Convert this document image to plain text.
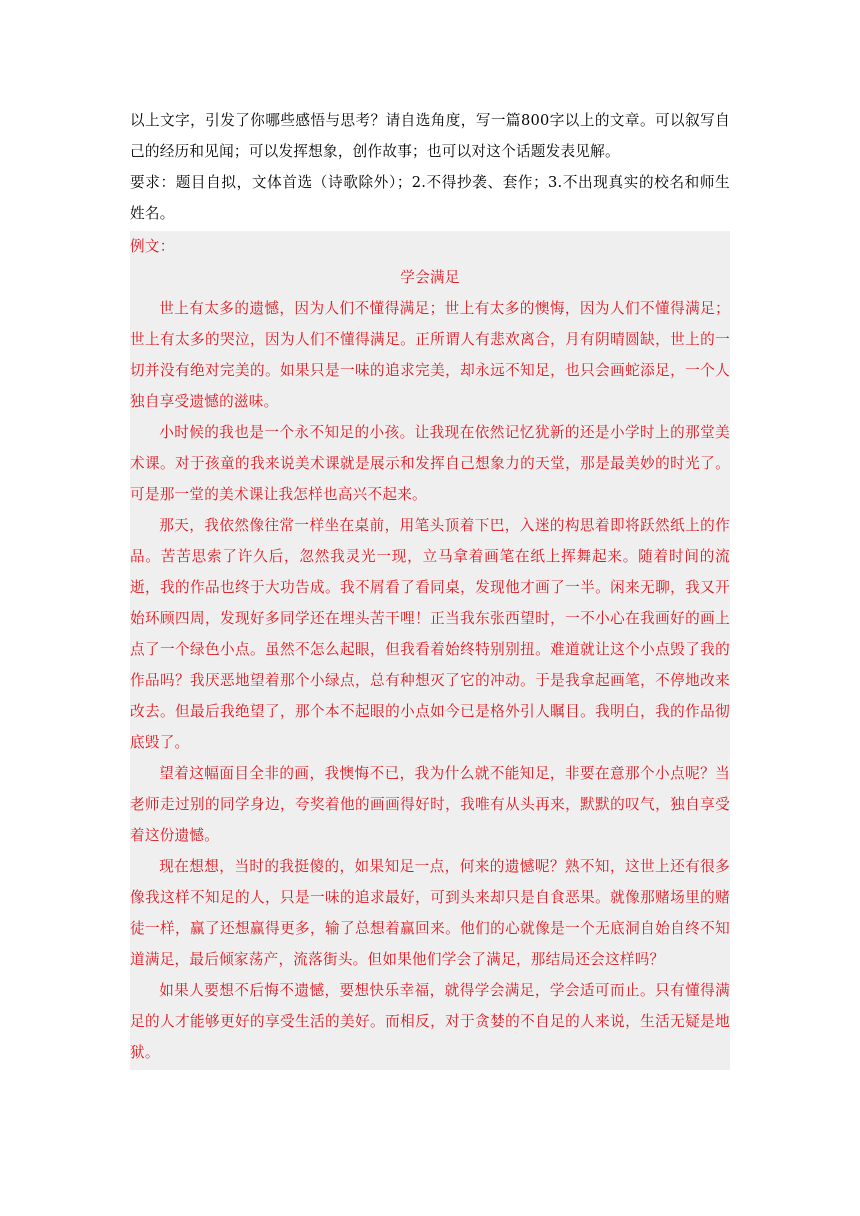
以上文字，引发了你哪些感悟与思考？请自选角度，写一篇800字以上的文章。可以叙写自己的经历和见闻；可以发挥想象，创作故事；也可以对这个话题发表见解。

要求：题目自拟，文体首选（诗歌除外）；2.不得抄袭、套作；3.不出现真实的校名和师生姓名。

例文：

学会满足

世上有太多的遗憾，因为人们不懂得满足；世上有太多的懊悔，因为人们不懂得满足；世上有太多的哭泣，因为人们不懂得满足。正所谓人有悲欢离合，月有阴晴圆缺，世上的一切并没有绝对完美的。如果只是一味的追求完美，却永远不知足，也只会画蛇添足，一个人独自享受遗憾的滋味。

小时候的我也是一个永不知足的小孩。让我现在依然记忆犹新的还是小学时上的那堂美术课。对于孩童的我来说美术课就是展示和发挥自己想象力的天堂，那是最美妙的时光了。可是那一堂的美术课让我怎样也高兴不起来。

那天，我依然像往常一样坐在桌前，用笔头顶着下巴，入迷的构思着即将跃然纸上的作品。苦苦思索了许久后，忽然我灵光一现，立马拿着画笔在纸上挥舞起来。随着时间的流逝，我的作品也终于大功告成。我不屑看了看同桌，发现他才画了一半。闲来无聊，我又开始环顾四周，发现好多同学还在埋头苦干哩！正当我东张西望时，一不小心在我画好的画上点了一个绿色小点。虽然不怎么起眼，但我看着始终特别别扭。难道就让这个小点毁了我的作品吗？我厌恶地望着那个小绿点，总有种想灭了它的冲动。于是我拿起画笔，不停地改来改去。但最后我绝望了，那个本不起眼的小点如今已是格外引人瞩目。我明白，我的作品彻底毁了。

望着这幅面目全非的画，我懊悔不已，我为什么就不能知足，非要在意那个小点呢？当老师走过别的同学身边，夸奖着他的画画得好时，我唯有从头再来，默默的叹气，独自享受着这份遗憾。

现在想想，当时的我挺傻的，如果知足一点，何来的遗憾呢？熟不知，这世上还有很多像我这样不知足的人，只是一味的追求最好，可到头来却只是自食恶果。就像那赌场里的赌徒一样，赢了还想赢得更多，输了总想着赢回来。他们的心就像是一个无底洞自始自终不知道满足，最后倾家荡产，流落街头。但如果他们学会了满足，那结局还会这样吗？

如果人要想不后悔不遗憾，要想快乐幸福，就得学会满足，学会适可而止。只有懂得满足的人才能够更好的享受生活的美好。而相反，对于贪婪的不自足的人来说，生活无疑是地狱。
